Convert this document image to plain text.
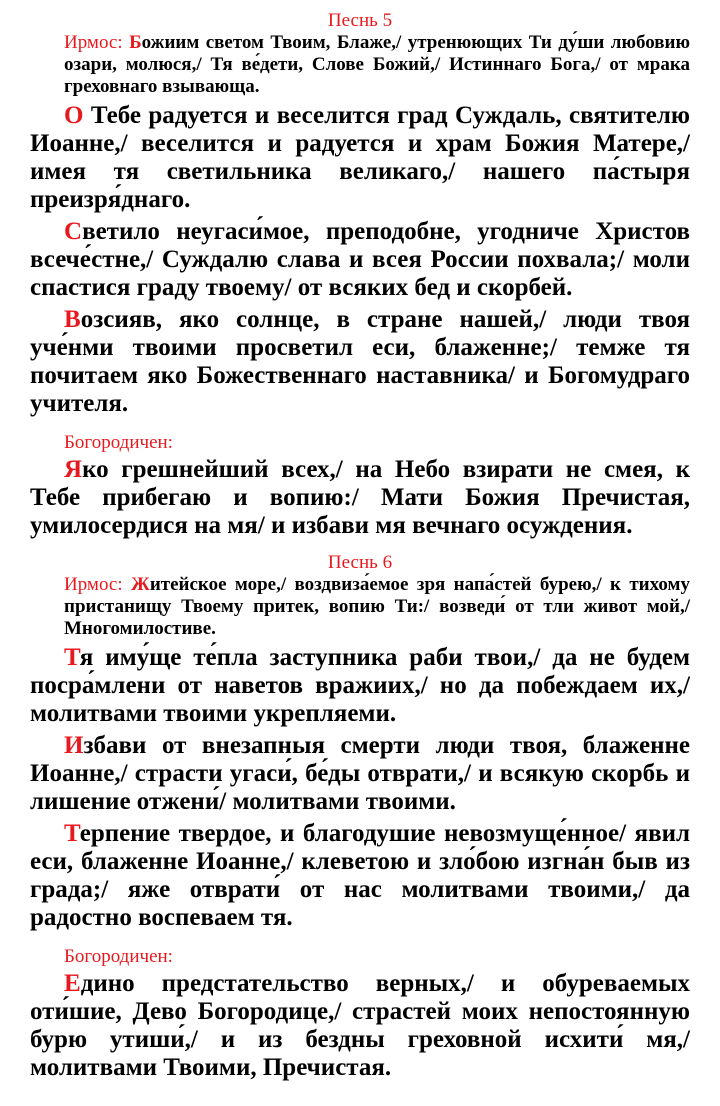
Песнь 5

Ирмос: Божиим светом Твоим, Блаже,/ утренюющих Ти ду́ши любовию озари, молюся,/ Тя ве́дети, Слове Божий,/ Истиннаго Бога,/ от мрака греховнаго взывающа.

О Тебе радуется и веселится град Суждаль, святителю Иоанне,/ веселится и радуется и храм Божия Матере,/ имея тя светильника великаго,/ нашего па́стыря преизря́днаго.

Светило неугаси́мое, преподобне, угодниче Христов всече́стне,/ Суждалю слава и всея России похвала;/ моли спастися граду твоему/ от всяких бед и скорбей.

Возсияв, яко солнце, в стране нашей,/ люди твоя уче́нми твоими просветил еси, блаженне;/ темже тя почитаем яко Божественнаго наставника/ и Богомудраго учителя.

Богородичен:

Яко грешнейший всех,/ на Небо взирати не смея, к Тебе прибегаю и вопию:/ Мати Божия Пречистая, умилосердися на мя/ и избави мя вечнаго осуждения.

Песнь 6

Ирмос: Житейское море,/ воздвиза́емое зря напа́стей бурею,/ к тихому пристанищу Твоему притек, вопию Ти:/ возведи́ от тли живот мой,/ Многомилостиве.

Тя иму́ще те́пла заступника раби твои,/ да не будем посра́млени от наветов вражиих,/ но да побеждаем их,/ молитвами твоими укрепляеми.

Избави от внезапныя смерти люди твоя, блаженне Иоанне,/ страсти угаси́, бе́ды отврати,/ и всякую скорбь и лишение отжени́/ молитвами твоими.

Терпение твердое, и благодушие невозмуще́нное/ явил еси, блаженне Иоанне,/ клеветою и зло́бою изгна́н быв из града;/ яже отврати́ от нас молитвами твоими,/ да радостно воспеваем тя.

Богородичен:

Едино предстательство верных,/ и обуреваемых оти́шие, Дево Богородице,/ страстей моих непостоянную бурю утиши́,/ и из бездны греховной исхити́ мя,/ молитвами Твоими, Пречистая.
